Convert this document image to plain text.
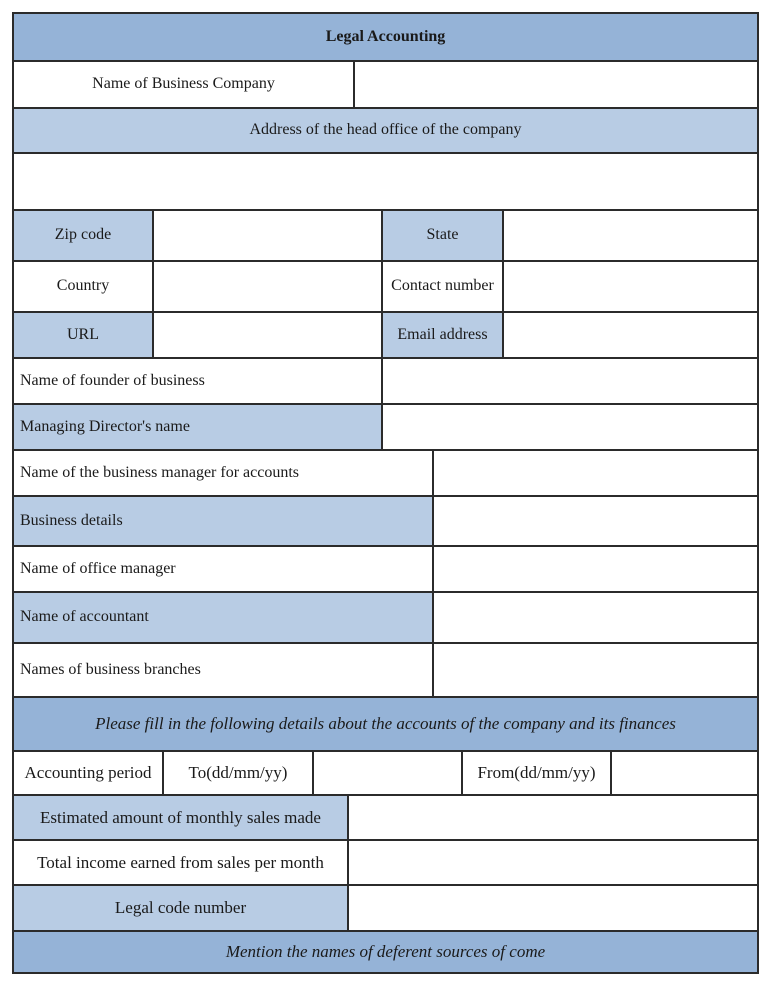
Legal Accounting
Name of Business Company
Address of the head office of the company
Zip code	State
Country	Contact number
URL	Email address
Name of founder of business
Managing Director's name
Name of the business manager for accounts
Business details
Name of office manager
Name of accountant
Names of business branches
Please fill in the following details about the accounts of the company and its finances
Accounting period	To(dd/mm/yy)	From(dd/mm/yy)
Estimated amount of monthly sales made
Total income earned from sales per month
Legal code number
Mention the names of deferent sources of come
